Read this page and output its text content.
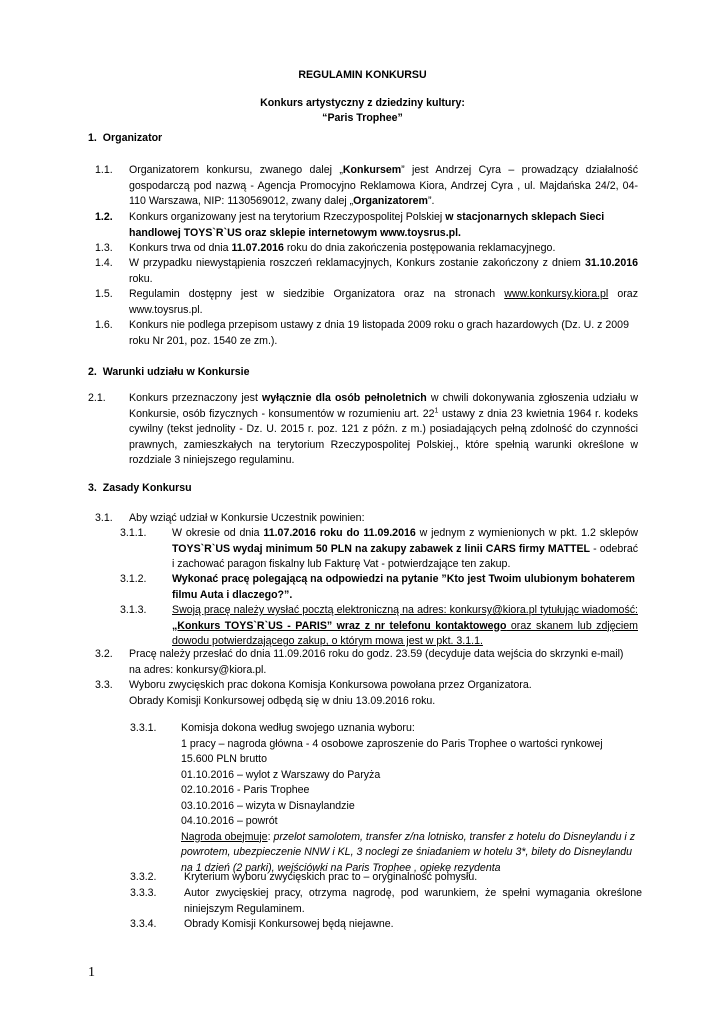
REGULAMIN KONKURSU
Konkurs artystyczny z dziedziny kultury:
“Paris Trophee”
1. Organizator
1.1. Organizatorem konkursu, zwanego dalej „Konkursem” jest Andrzej Cyra – prowadzący działalność gospodarczą pod nazwą - Agencja Promocyjno Reklamowa Kiora, Andrzej Cyra , ul. Majdańska 24/2, 04-110 Warszawa, NIP: 1130569012, zwany dalej „Organizatorem”.
1.2. Konkurs organizowany jest na terytorium Rzeczypospolitej Polskiej w stacjonarnych sklepach Sieci handlowej TOYS`R`US oraz sklepie internetowym www.toysrus.pl.
1.3. Konkurs trwa od dnia 11.07.2016 roku do dnia zakończenia postępowania reklamacyjnego.
1.4. W przypadku niewystąpienia roszczeń reklamacyjnych, Konkurs zostanie zakończony z dniem 31.10.2016 roku.
1.5. Regulamin dostępny jest w siedzibie Organizatora oraz na stronach www.konkursy.kiora.pl oraz www.toysrus.pl.
1.6. Konkurs nie podlega przepisom ustawy z dnia 19 listopada 2009 roku o grach hazardowych (Dz. U. z 2009 roku Nr 201, poz. 1540 ze zm.).
2. Warunki udziału w Konkursie
2.1. Konkurs przeznaczony jest wyłącznie dla osób pełnoletnich w chwili dokonywania zgłoszenia udziału w Konkursie, osób fizycznych - konsumentów w rozumieniu art. $22^1$ ustawy z dnia 23 kwietnia 1964 r. kodeks cywilny (tekst jednolity - Dz. U. 2015 r. poz. 121 z późn. z m.) posiadających pełną zdolność do czynności prawnych, zamieszkałych na terytorium Rzeczypospolitej Polskiej., które spełnią warunki określone w rozdziale 3 niniejszego regulaminu.
3. Zasady Konkursu
3.1. Aby wziąć udział w Konkursie Uczestnik powinien:
3.1.1. W okresie od dnia 11.07.2016 roku do 11.09.2016 w jednym z wymienionych w pkt. 1.2 sklepów TOYS`R`US wydaj minimum 50 PLN na zakupy zabawek z linii CARS firmy MATTEL - odebrać i zachować paragon fiskalny lub Fakturę Vat - potwierdzające ten zakup.
3.1.2. Wykonać pracę polegającą na odpowiedzi na pytanie ”Kto jest Twoim ulubionym bohaterem filmu Auta i dlaczego?”.
3.1.3. Swoją pracę należy wysłać pocztą elektroniczną na adres: konkursy@kiora.pl tytułując wiadomość: „Konkurs TOYS`R`US - PARIS” wraz z nr telefonu kontaktowego oraz skanem lub zdjęciem dowodu potwierdzającego zakup, o którym mowa jest w pkt. 3.1.1.
3.2. Pracę należy przesłać do dnia 11.09.2016 roku do godz. 23.59 (decyduje data wejścia do skrzynki e-mail) na adres: konkursy@kiora.pl.
3.3. Wyboru zwycięskich prac dokona Komisja Konkursowa powołana przez Organizatora.
Obrady Komisji Konkursowej odbędą się w dniu 13.09.2016 roku.
3.3.1. Komisja dokona według swojego uznania wyboru:
1 pracy – nagroda główna - 4 osobowe zaproszenie do Paris Trophee o wartości rynkowej
15.600 PLN brutto
01.10.2016 – wylot z Warszawy do Paryża
02.10.2016 - Paris Trophee
03.10.2016 – wizyta w Disnaylandzie
04.10.2016 – powrót
Nagroda obejmuje: przelot samolotem, transfer z/na lotnisko, transfer z hotelu do Disneylandu i z powrotem, ubezpieczenie NNW i KL, 3 noclegi ze śniadaniem w hotelu 3*, bilety do Disneylandu na 1 dzień (2 parki), wejściówki na Paris Trophee , opiekę rezydenta
3.3.2.	Kryterium wyboru zwycięskich prac to – oryginalność pomysłu.
3.3.3.	Autor zwycięskiej pracy, otrzyma nagrodę, pod warunkiem, że spełni wymagania określone niniejszym Regulaminem.
3.3.4.	Obrady Komisji Konkursowej będą niejawne.
1
